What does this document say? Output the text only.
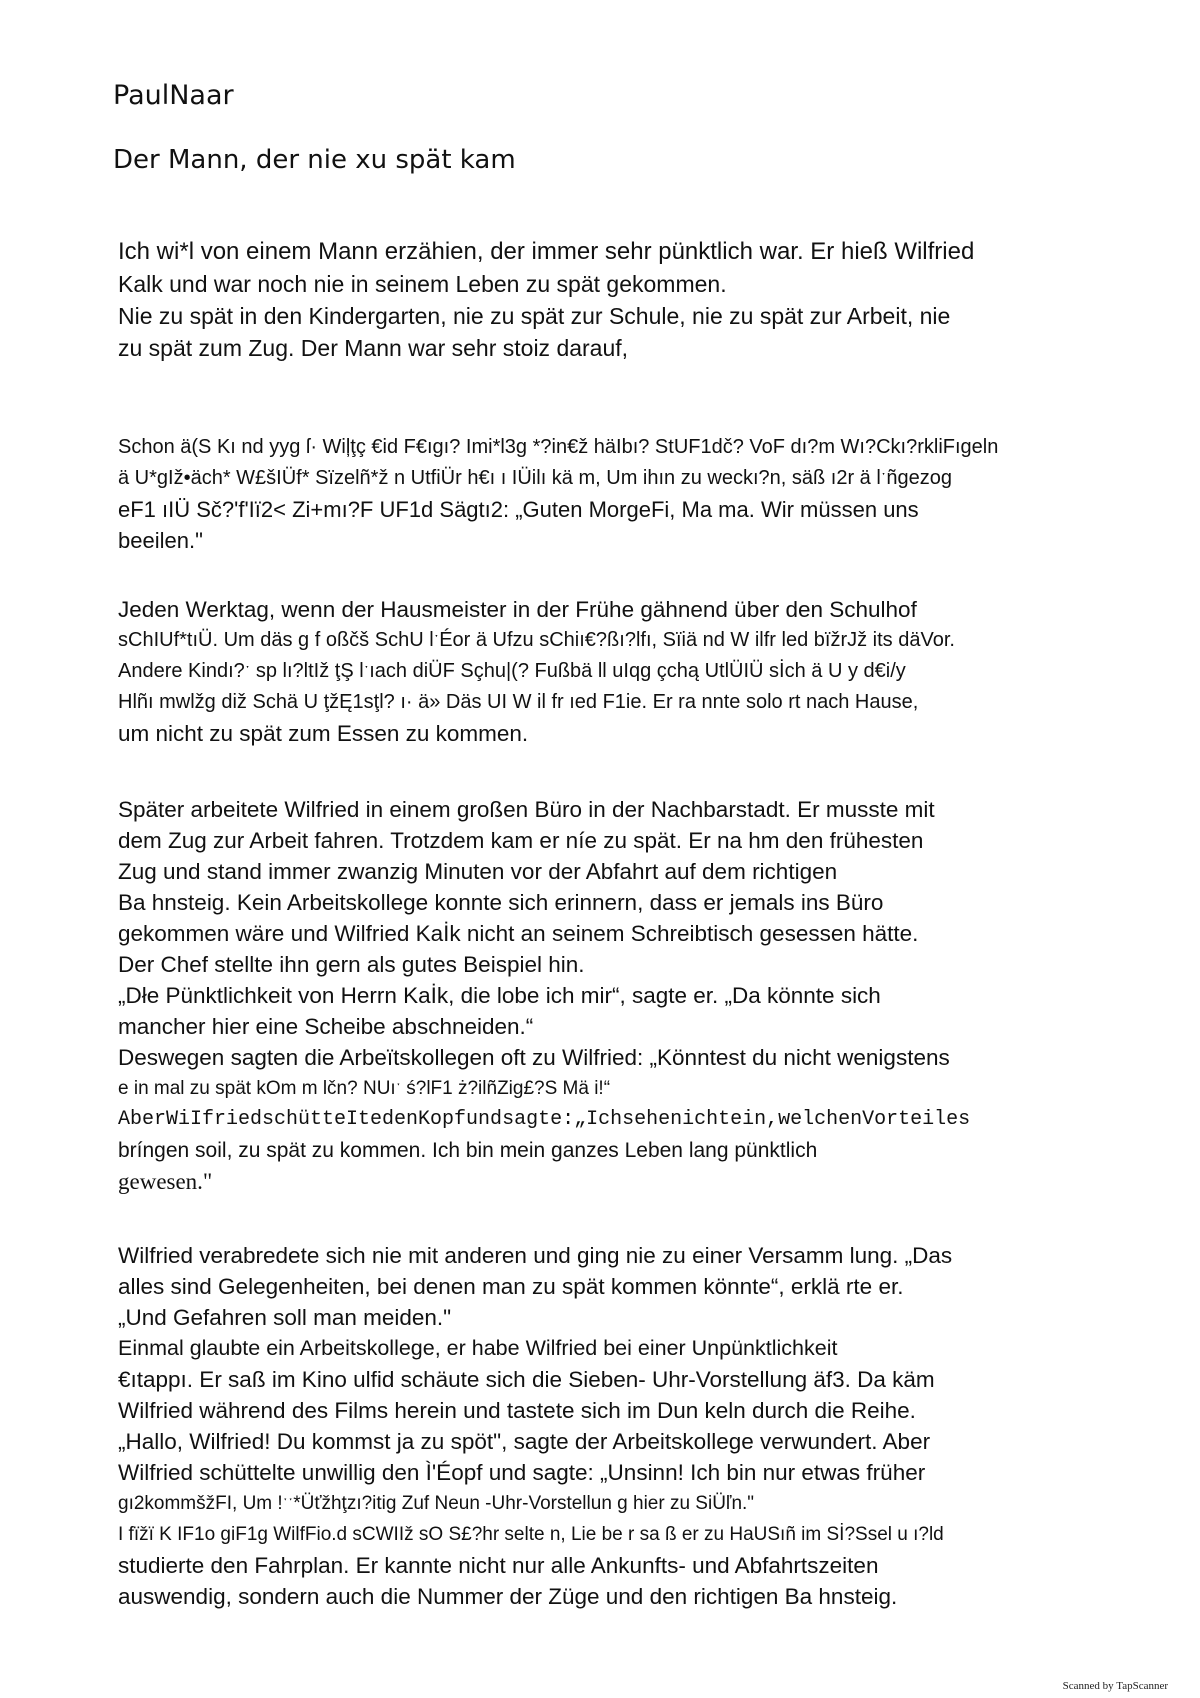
PaulNaar
Der Mann, der nie xu spät kam
Ich wi*l von einem Mann erzähien, der immer sehr pünktlich war. Er hieß Wilfried
Kalk und war noch nie in seinem Leben zu spät gekommen.
Nie zu spät in den Kindergarten, nie zu spät zur Schule, nie zu spät zur Arbeit, nie
zu spät zum Zug. Der Mann war sehr stoiz darauf,
Schon ä(S Kı nd yyg ſ· Wiļţç €id F€ıgı? Imi*l3g *?in€ž häIbı? StUF1dč? VoF dı?m Wı?Ckı?rkliFıgeln
ä U*gIž•äch* W£šIÜf* Sïzelñ*ž n UtfiÜr h€ı ı IÜilı kä m, Um ihın zu weckı?n, säß ı2r ä lˑñgezog
eF1 ıIÜ Sč?'f'Iï2< Zi+mı?F UF1d Sägtı2: „Guten MorgeFi, Ma ma. Wir müssen uns
beeilen."
Jeden Werktag, wenn der Hausmeister in der Frühe gähnend über den Schulhof
sChIUf*tıÜ. Um däs g f oßčš SchU lˑÉor ä Ufzu sChiı€?ßı?lfı, Sïiä nd W ilfr led bïžrJž its däVor.
Andere Kindı?ˑ sp lı?ltIž ţŞ lˑıach diÜF Sçhu|(? Fußbä ll uIqg çchą UtlÜIÜ sİch ä U y d€i/y
Hlñı mwlžg diž Schä U ţžĘ1sţl? ı· ä» Däs UI W il fr ıed F1ie. Er ra nnte solo rt nach Hause,
um nicht zu spät zum Essen zu kommen.
Später arbeitete Wilfried in einem großen Büro in der Nachbarstadt. Er musste mit
dem Zug zur Arbeit fahren. Trotzdem kam er níe zu spät. Er na hm den frühesten
Zug und stand immer zwanzig Minuten vor der Abfahrt auf dem richtigen
Ba hnsteig. Kein Arbeitskollege konnte sich erinnern, dass er jemals ins Büro
gekommen wäre und Wilfried Kaİk nicht an seinem Schreibtisch gesessen hätte.
Der Chef stellte ihn gern als gutes Beispiel hin.
„Dłe Pünktlichkeit von Herrn Kaİk, die lobe ich mir“, sagte er. „Da könnte sich
mancher hier eine Scheibe abschneiden.“
Deswegen sagten die Arbeïtskollegen oft zu Wilfried: „Könntest du nicht wenigstens
e in mal zu spät kOm m lčn? NUıˑ ś?lF1 ż?ilñZig£?S Mä i!“
AberWiIfriedschütteItedenKopfundsagte:„Ichsehenichtein,welchenVorteiles
bríngen soil, zu spät zu kommen. Ich bin mein ganzes Leben lang pünktlich
gewesen."
Wilfried verabredete sich nie mit anderen und ging nie zu einer Versamm lung. „Das
alles sind Gelegenheiten, bei denen man zu spät kommen könnte“, erklä rte er.
„Und Gefahren soll man meiden."
Einmal glaubte ein Arbeitskollege, er habe Wilfried bei einer Unpünktlichkeit
€ıtappı. Er saß im Kino ulfid schäute sich die Sieben- Uhr-Vorstellung äf3. Da käm
Wilfried während des Films herein und tastete sich im Dun keln durch die Reihe.
„Hallo, Wilfried! Du kommst ja zu spöt", sagte der Arbeitskollege verwundert. Aber
Wilfried schüttelte unwillig den Ì'Éopf und sagte: „Unsinn! Ich bin nur etwas früher
gı2kommšžFI, Um !ˑˑ*Üťžhţzı?itig Zuf Neun -Uhr-Vorstellun g hier zu SiÜľn."
I fïžï K IF1o giF1g WilfFio.d sCWIIž sO S£?hr selte n, Lie be r sa ß er zu HaUSıñ im Sİ?Ssel u ı?ld
studierte den Fahrplan. Er kannte nicht nur alle Ankunfts- und Abfahrtszeiten
auswendig, sondern auch die Nummer der Züge und den richtigen Ba hnsteig.
Scanned by TapScanner
